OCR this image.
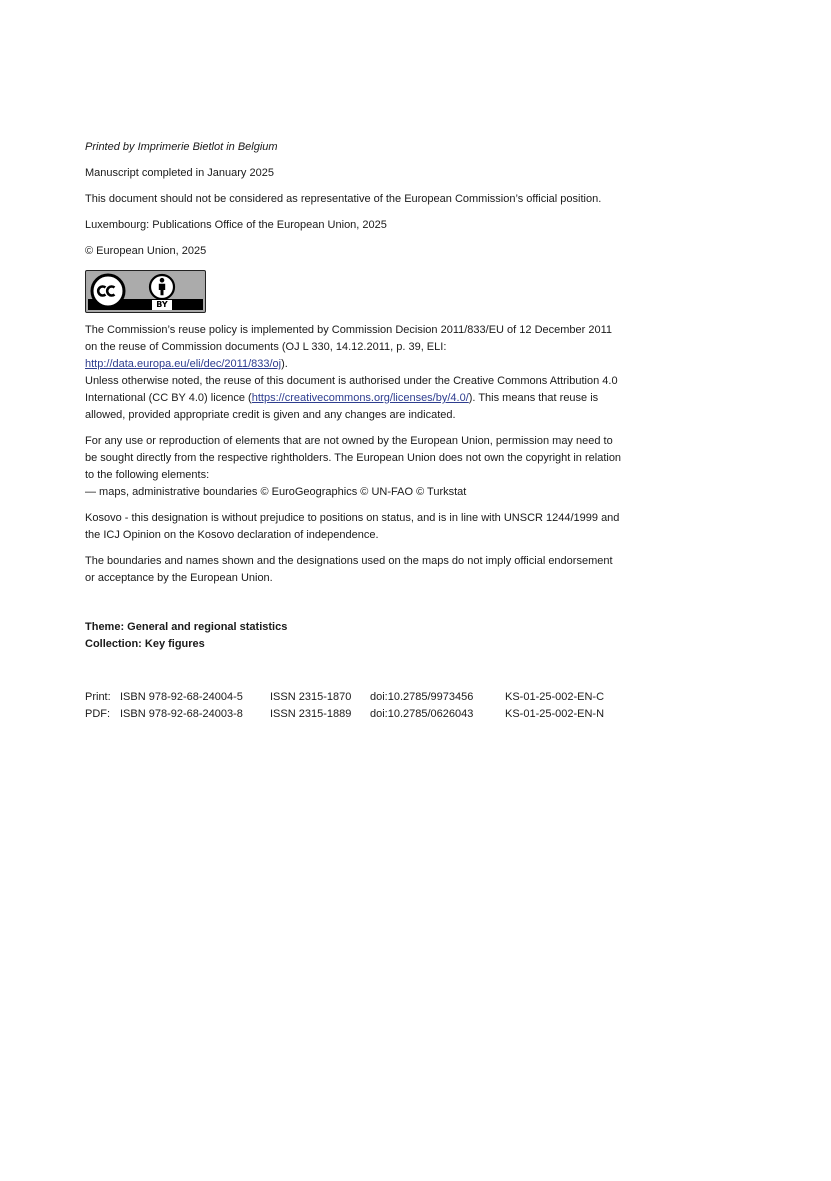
Printed by Imprimerie Bietlot in Belgium

Manuscript completed in January 2025

This document should not be considered as representative of the European Commission’s official position.

Luxembourg: Publications Office of the European Union, 2025

© European Union, 2025

BY

The Commission’s reuse policy is implemented by Commission Decision 2011/833/EU of 12 December 2011 on the reuse of Commission documents (OJ L 330, 14.12.2011, p. 39, ELI: http://data.europa.eu/eli/dec/2011/833/oj).

Unless otherwise noted, the reuse of this document is authorised under the Creative Commons Attribution 4.0 International (CC BY 4.0) licence (https://creativecommons.org/licenses/by/4.0/). This means that reuse is allowed, provided appropriate credit is given and any changes are indicated.

For any use or reproduction of elements that are not owned by the European Union, permission may need to be sought directly from the respective rightholders. The European Union does not own the copyright in relation to the following elements:

— maps, administrative boundaries © EuroGeographics © UN-FAO © Turkstat

Kosovo - this designation is without prejudice to positions on status, and is in line with UNSCR 1244/1999 and the ICJ Opinion on the Kosovo declaration of independence.

The boundaries and names shown and the designations used on the maps do not imply official endorsement or acceptance by the European Union.

Theme: General and regional statistics

Collection: Key figures

Print: ISBN 978-92-68-24004-5	ISSN 2315-1870	doi:10.2785/9973456	KS-01-25-002-EN-C
PDF: ISBN 978-92-68-24003-8	ISSN 2315-1889	doi:10.2785/0626043	KS-01-25-002-EN-N
